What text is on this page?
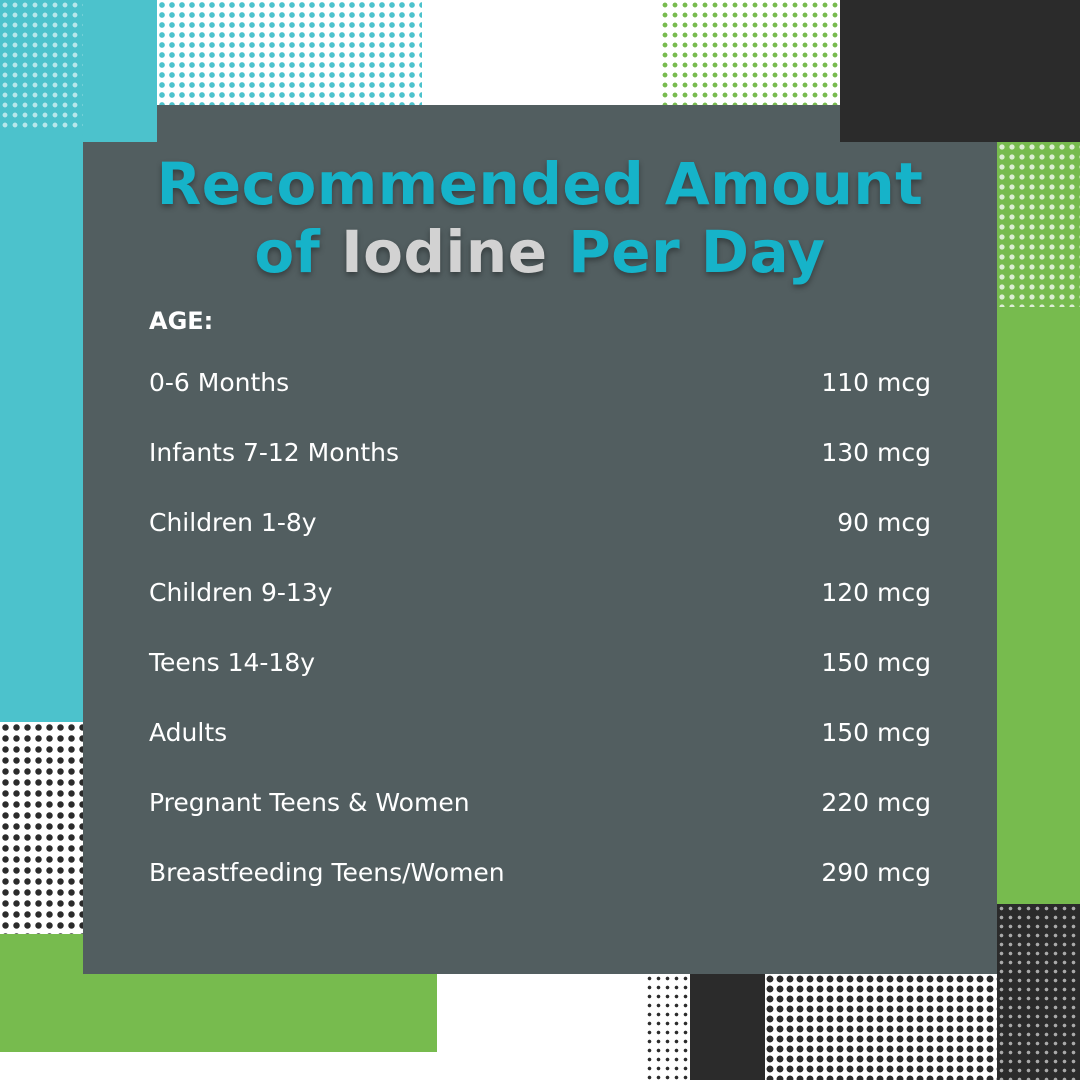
Recommended Amount
of Iodine Per Day
AGE:
0-6 Months	110 mcg
Infants 7-12 Months	130 mcg
Children 1-8y	90 mcg
Children 9-13y	120 mcg
Teens 14-18y	150 mcg
Adults	150 mcg
Pregnant Teens & Women	220 mcg
Breastfeeding Teens/Women	290 mcg
